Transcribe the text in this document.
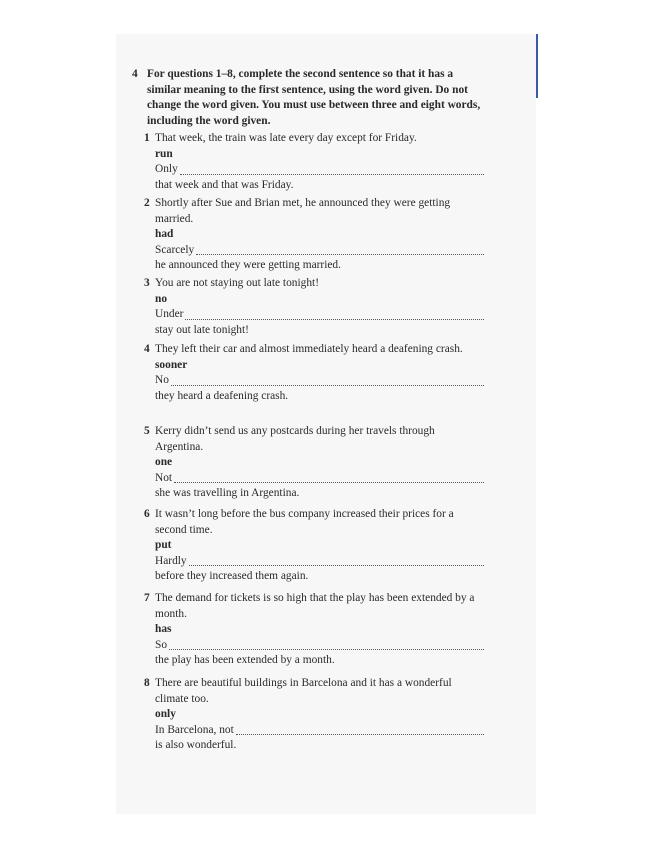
4 For questions 1–8, complete the second sentence so that it has a similar meaning to the first sentence, using the word given. Do not change the word given. You must use between three and eight words, including the word given.
1 That week, the train was late every day except for Friday.
run
Only
that week and that was Friday.
2 Shortly after Sue and Brian met, he announced they were getting married.
had
Scarcely
he announced they were getting married.
3 You are not staying out late tonight!
no
Under
stay out late tonight!
4 They left their car and almost immediately heard a deafening crash.
sooner
No
they heard a deafening crash.
5 Kerry didn’t send us any postcards during her travels through Argentina.
one
Not
she was travelling in Argentina.
6 It wasn’t long before the bus company increased their prices for a second time.
put
Hardly
before they increased them again.
7 The demand for tickets is so high that the play has been extended by a month.
has
So
the play has been extended by a month.
8 There are beautiful buildings in Barcelona and it has a wonderful climate too.
only
In Barcelona, not
is also wonderful.
